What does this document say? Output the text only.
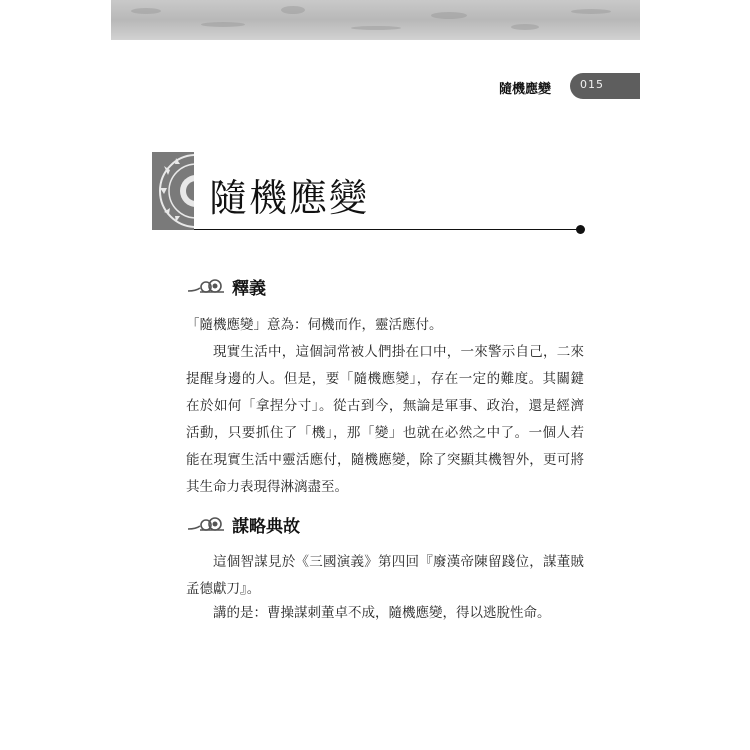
隨機應變	015
隨機應變
釋義

「隨機應變」意為：伺機而作，靈活應付。

現實生活中，這個詞常被人們掛在口中，一來警示自己，二來提醒身邊的人。但是，要「隨機應變」，存在一定的難度。其關鍵在於如何「拿捏分寸」。從古到今，無論是軍事、政治，還是經濟活動，只要抓住了「機」，那「變」也就在必然之中了。一個人若能在現實生活中靈活應付，隨機應變，除了突顯其機智外，更可將其生命力表現得淋漓盡至。

謀略典故

這個智謀見於《三國演義》第四回『廢漢帝陳留踐位，謀董賊孟德獻刀』。

講的是：曹操謀刺董卓不成，隨機應變，得以逃脫性命。
